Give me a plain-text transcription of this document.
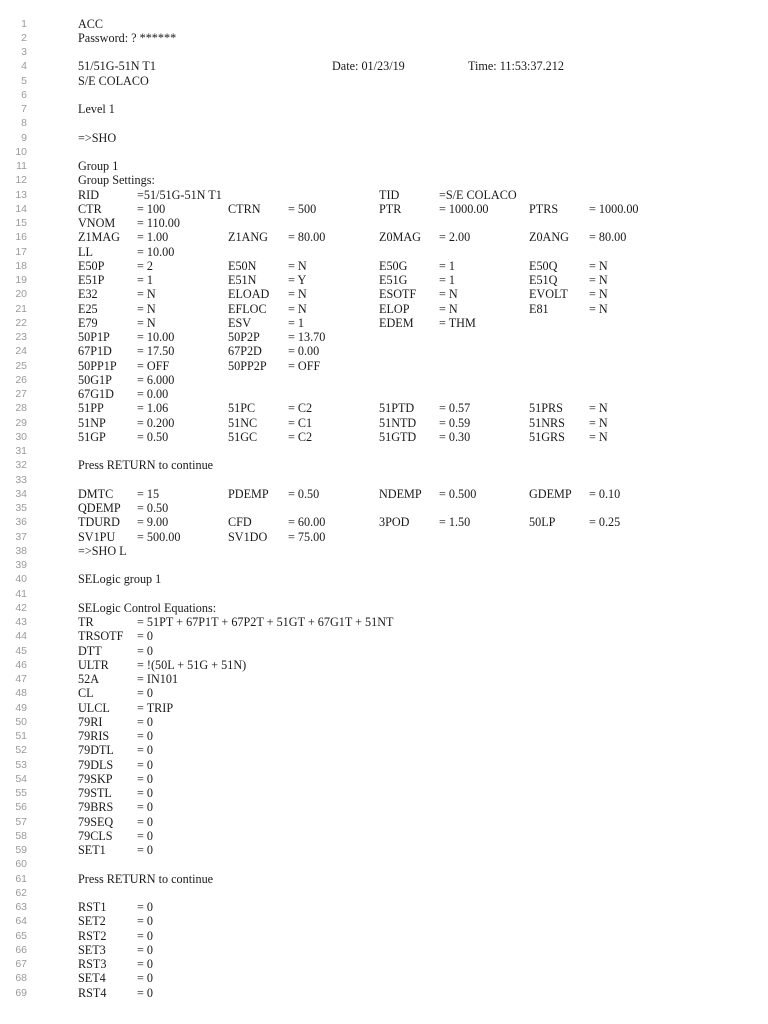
1	ACC
2	Password: ? ******
3
4	51/51G-51N T1	Date: 01/23/19	Time: 11:53:37.212
5	S/E COLACO
6
7	Level 1
8
9	=>SHO
10
11	Group 1
12	Group Settings:
13	RID	=51/51G-51N T1	TID	=S/E COLACO
14	CTR	= 100	CTRN = 500	PTR	= 1000.00	PTRS	= 1000.00
15	VNOM = 110.00
16	Z1MAG = 1.00	Z1ANG = 80.00	Z0MAG = 2.00	Z0ANG = 80.00
17	LL	= 10.00
18	E50P	= 2	E50N	= N	E50G	= 1	E50Q	= N
19	E51P	= 1	E51N	= Y	E51G	= 1	E51Q	= N
20	E32	= N	ELOAD = N	ESOTF = N	EVOLT = N
21	E25	= N	EFLOC = N	ELOP = N	E81	= N
22	E79	= N	ESV	= 1	EDEM = THM
23	50P1P = 10.00	50P2P = 13.70
24	67P1D = 17.50	67P2D = 0.00
25	50PP1P = OFF	50PP2P = OFF
26	50G1P = 6.000
27	67G1D = 0.00
28	51PP	= 1.06	51PC	= C2	51PTD = 0.57	51PRS = N
29	51NP	= 0.200	51NC	= C1	51NTD = 0.59	51NRS = N
30	51GP	= 0.50	51GC	= C2	51GTD = 0.30	51GRS = N
31
32	Press RETURN to continue
33
34	DMTC = 15	PDEMP = 0.50	NDEMP = 0.500	GDEMP = 0.10
35	QDEMP = 0.50
36	TDURD = 9.00	CFD	= 60.00	3POD = 1.50	50LP	= 0.25
37	SV1PU = 500.00	SV1DO = 75.00
38	=>SHO L
39
40	SELogic group 1
41
42	SELogic Control Equations:
43	TR	= 51PT + 67P1T + 67P2T + 51GT + 67G1T + 51NT
44	TRSOTF = 0
45	DTT	= 0
46	ULTR = !(50L + 51G + 51N)
47	52A	= IN101
48	CL	= 0
49	ULCL = TRIP
50	79RI	= 0
51	79RIS = 0
52	79DTL = 0
53	79DLS = 0
54	79SKP = 0
55	79STL = 0
56	79BRS = 0
57	79SEQ = 0
58	79CLS = 0
59	SET1	= 0
60
61	Press RETURN to continue
62
63	RST1	= 0
64	SET2	= 0
65	RST2	= 0
66	SET3	= 0
67	RST3	= 0
68	SET4	= 0
69	RST4	= 0
